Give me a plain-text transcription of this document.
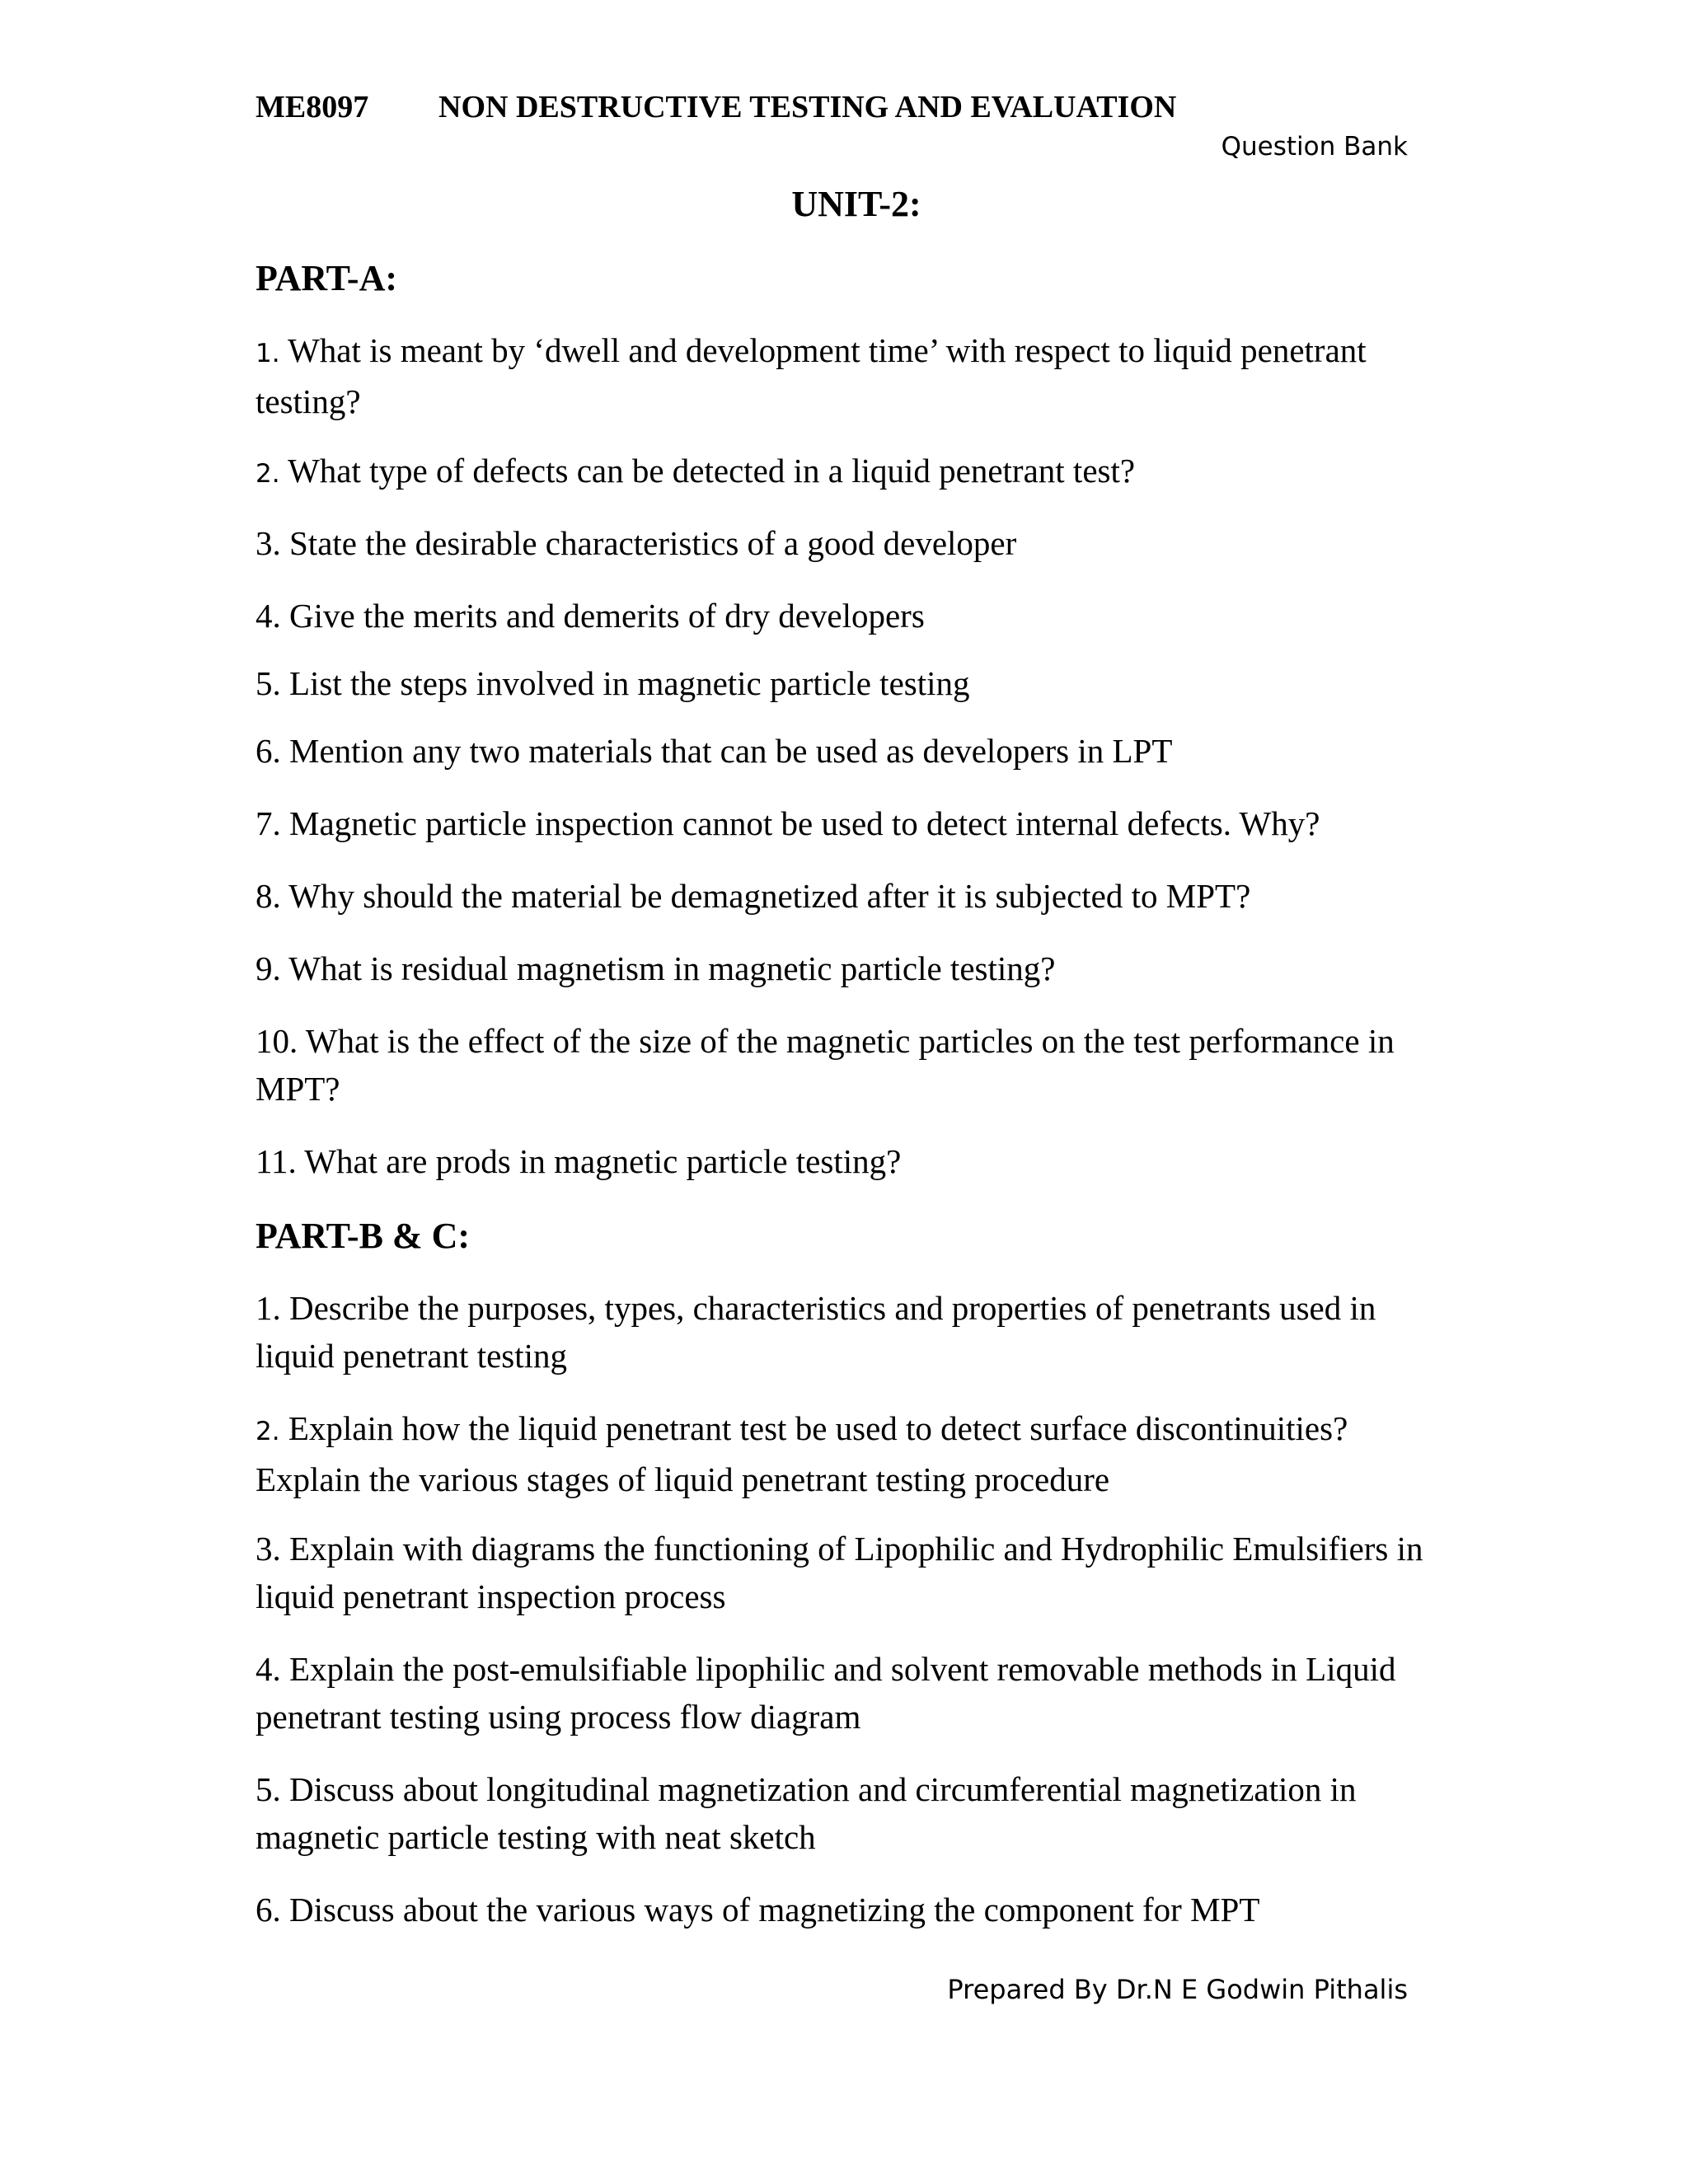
ME8097 NON DESTRUCTIVE TESTING AND EVALUATION
Question Bank
UNIT-2:
PART-A:
1. What is meant by ‘dwell and development time’ with respect to liquid penetrant testing?
2. What type of defects can be detected in a liquid penetrant test?
3. State the desirable characteristics of a good developer
4. Give the merits and demerits of dry developers
5. List the steps involved in magnetic particle testing
6. Mention any two materials that can be used as developers in LPT
7. Magnetic particle inspection cannot be used to detect internal defects. Why?
8. Why should the material be demagnetized after it is subjected to MPT?
9. What is residual magnetism in magnetic particle testing?
10. What is the effect of the size of the magnetic particles on the test performance in MPT?
11. What are prods in magnetic particle testing?
PART-B & C:
1. Describe the purposes, types, characteristics and properties of penetrants used in liquid penetrant testing
2. Explain how the liquid penetrant test be used to detect surface discontinuities? Explain the various stages of liquid penetrant testing procedure
3. Explain with diagrams the functioning of Lipophilic and Hydrophilic Emulsifiers in liquid penetrant inspection process
4. Explain the post-emulsifiable lipophilic and solvent removable methods in Liquid penetrant testing using process flow diagram
5. Discuss about longitudinal magnetization and circumferential magnetization in magnetic particle testing with neat sketch
6. Discuss about the various ways of magnetizing the component for MPT
Prepared By Dr.N E Godwin Pithalis
